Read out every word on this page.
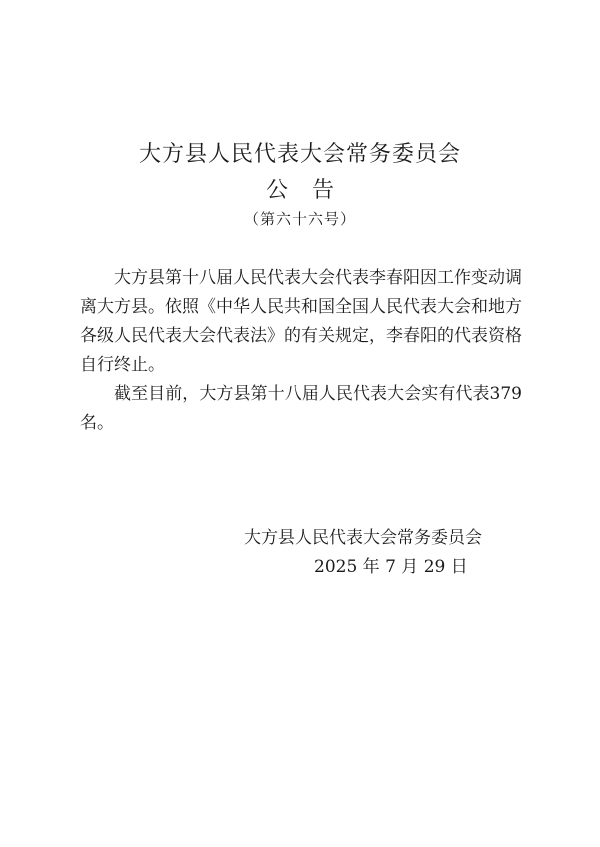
大方县人民代表大会常务委员会
公告
（第六十六号）

大方县第十八届人民代表大会代表李春阳因工作变动调离大方县。依照《中华人民共和国全国人民代表大会和地方各级人民代表大会代表法》的有关规定，李春阳的代表资格自行终止。

截至目前，大方县第十八届人民代表大会实有代表379名。

大方县人民代表大会常务委员会
2025 年 7 月 29 日
